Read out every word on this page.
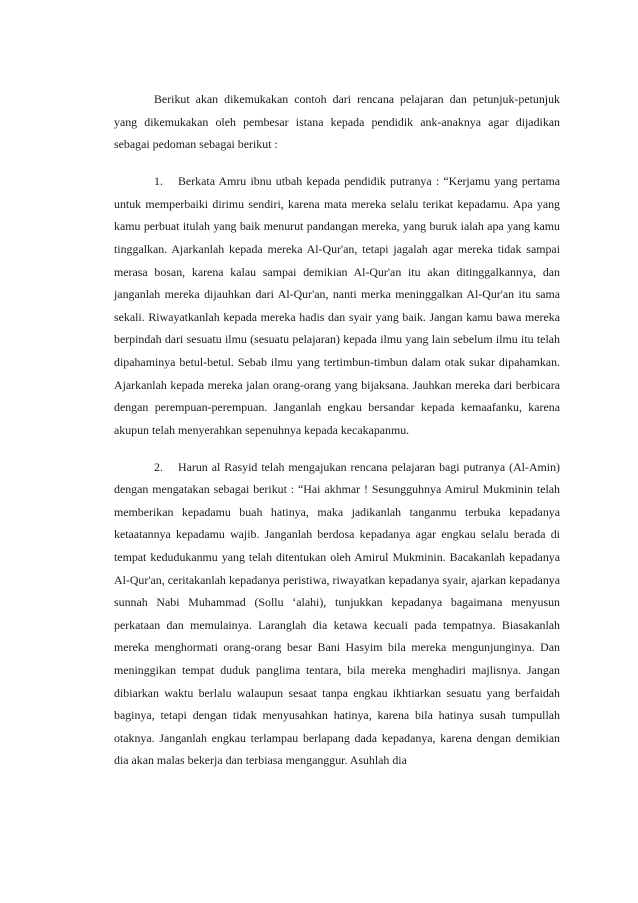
Berikut akan dikemukakan contoh dari rencana pelajaran dan petunjuk-petunjuk yang dikemukakan oleh pembesar istana kepada pendidik ank-anaknya agar dijadikan sebagai pedoman sebagai berikut :

1. Berkata Amru ibnu utbah kepada pendidik putranya : “Kerjamu yang pertama untuk memperbaiki dirimu sendiri, karena mata mereka selalu terikat kepadamu. Apa yang kamu perbuat itulah yang baik menurut pandangan mereka, yang buruk ialah apa yang kamu tinggalkan. Ajarkanlah kepada mereka Al-Qur'an, tetapi jagalah agar mereka tidak sampai merasa bosan, karena kalau sampai demikian Al-Qur'an itu akan ditinggalkannya, dan janganlah mereka dijauhkan dari Al-Qur'an, nanti merka meninggalkan Al-Qur'an itu sama sekali. Riwayatkanlah kepada mereka hadis dan syair yang baik. Jangan kamu bawa mereka berpindah dari sesuatu ilmu (sesuatu pelajaran) kepada ilmu yang lain sebelum ilmu itu telah dipahaminya betul-betul. Sebab ilmu yang tertimbun-timbun dalam otak sukar dipahamkan. Ajarkanlah kepada mereka jalan orang-orang yang bijaksana. Jauhkan mereka dari berbicara dengan perempuan-perempuan. Janganlah engkau bersandar kepada kemaafanku, karena akupun telah menyerahkan sepenuhnya kepada kecakapanmu.

2. Harun al Rasyid telah mengajukan rencana pelajaran bagi putranya (Al-Amin) dengan mengatakan sebagai berikut : “Hai akhmar ! Sesungguhnya Amirul Mukminin telah memberikan kepadamu buah hatinya, maka jadikanlah tanganmu terbuka kepadanya ketaatannya kepadamu wajib. Janganlah berdosa kepadanya agar engkau selalu berada di tempat kedudukanmu yang telah ditentukan oleh Amirul Mukminin. Bacakanlah kepadanya Al-Qur'an, ceritakanlah kepadanya peristiwa, riwayatkan kepadanya syair, ajarkan kepadanya sunnah Nabi Muhammad (Sollu ‘alahi), tunjukkan kepadanya bagaimana menyusun perkataan dan memulainya. Laranglah dia ketawa kecuali pada tempatnya. Biasakanlah mereka menghormati orang-orang besar Bani Hasyim bila mereka mengunjunginya. Dan meninggikan tempat duduk panglima tentara, bila mereka menghadiri majlisnya. Jangan dibiarkan waktu berlalu walaupun sesaat tanpa engkau ikhtiarkan sesuatu yang berfaidah baginya, tetapi dengan tidak menyusahkan hatinya, karena bila hatinya susah tumpullah otaknya. Janganlah engkau terlampau berlapang dada kepadanya, karena dengan demikian dia akan malas bekerja dan terbiasa menganggur. Asuhlah dia
